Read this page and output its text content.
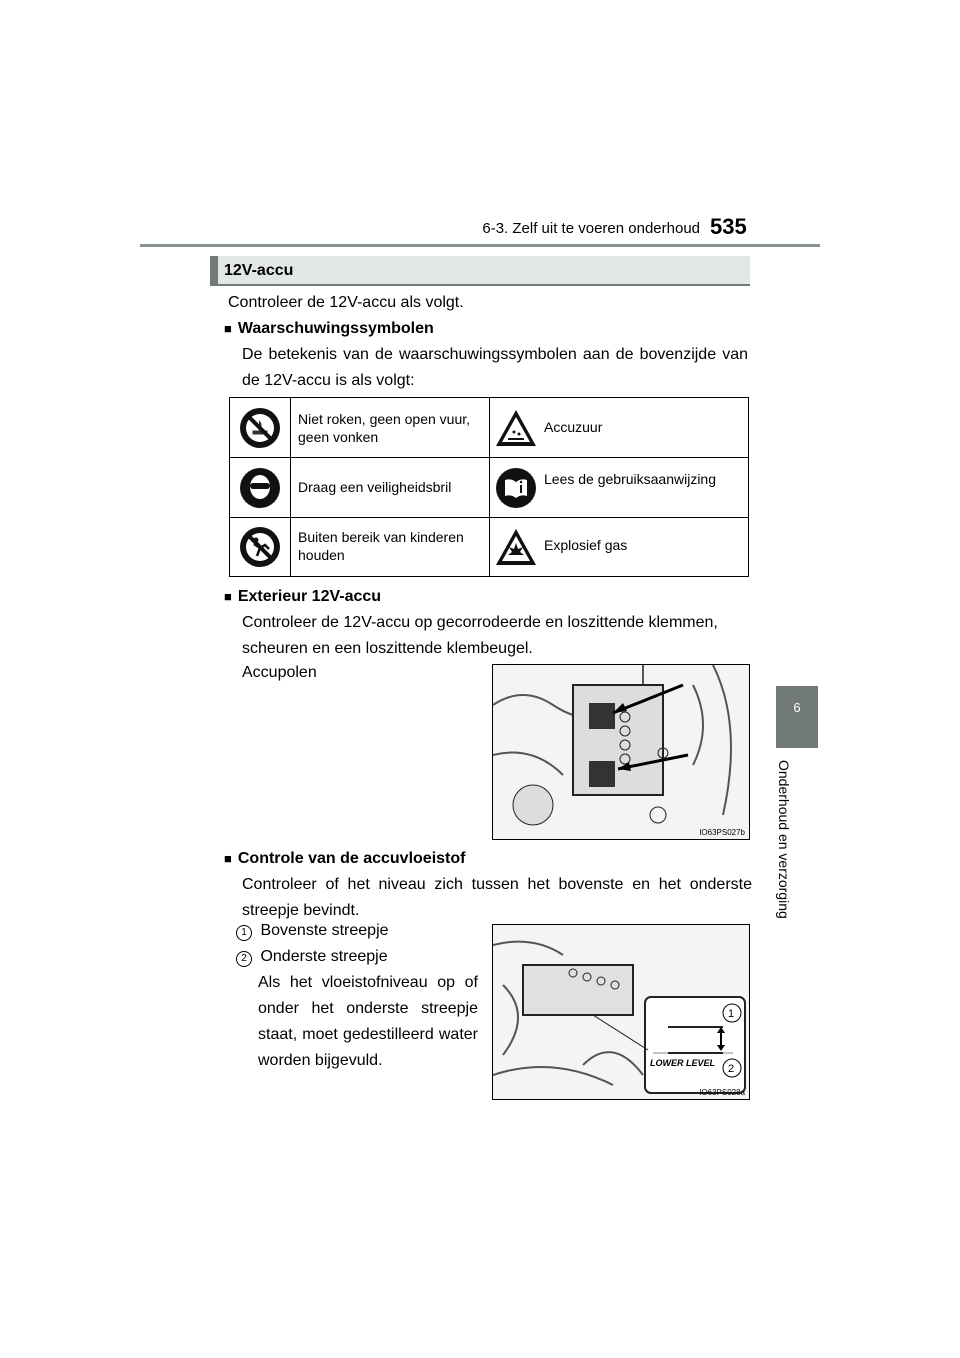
6-3. Zelf uit te voeren onderhoud 535
6
Onderhoud en verzorging
12V-accu
Controleer de 12V-accu als volgt.
■ Waarschuwingssymbolen
De betekenis van de waarschuwingssymbolen aan de bovenzijde van de 12V-accu is als volgt:
Niet roken, geen open vuur, geen vonken
Accuzuur
Draag een veiligheidsbril	Lees de gebruiksaanwijzing
Buiten bereik van kinderen houden
Explosief gas
■ Exterieur 12V-accu
Controleer de 12V-accu op gecorrodeerde en loszittende klemmen, scheuren en een loszittende klembeugel.
Accupolen
IO63PS027b
■ Controle van de accuvloeistof
Controleer of het niveau zich tussen het bovenste en het onderste streepje bevindt.
1 Bovenste streepje
2 Onderste streepje
Als het vloeistofniveau op of onder het onderste streepje staat, moet gedestilleerd water worden bijgevuld.	LOWER LEVEL
1
2
IO63PS028a
